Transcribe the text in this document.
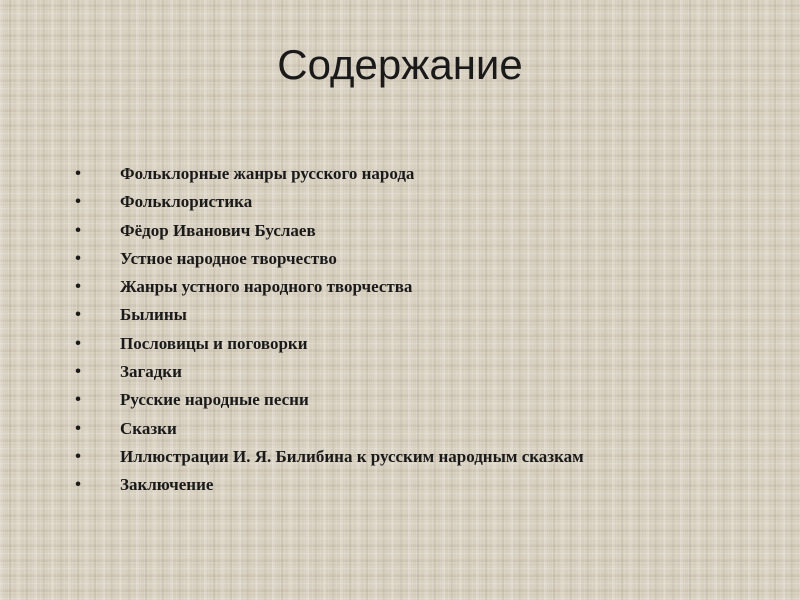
Содержание
•	Фольклорные жанры русского народа
•	Фольклористика
•	Фёдор Иванович Буслаев
•	Устное народное творчество
•	Жанры устного народного творчества
•	Былины
•	Пословицы и поговорки
•	Загадки
•	Русские народные песни
•	Сказки
•	Иллюстрации И. Я. Билибина к русским народным сказкам
•	Заключение
